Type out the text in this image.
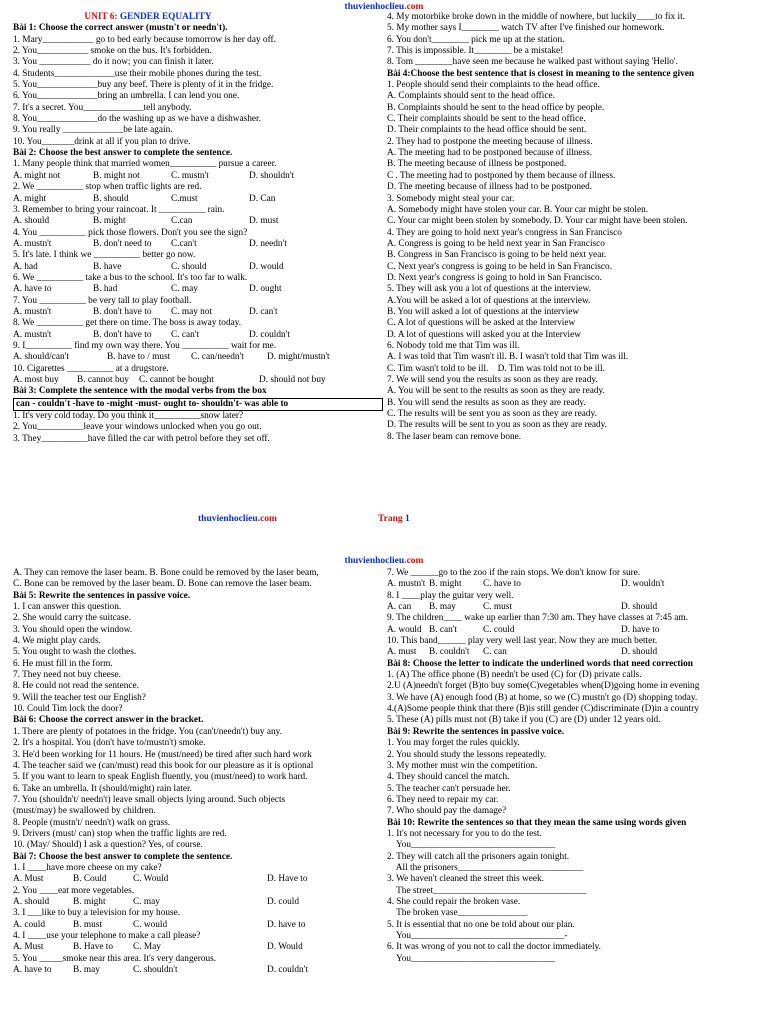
thuvienhoclieu.com
UNIT 6: GENDER EQUALITY
Bài 1: Choose the correct answer (mustn't or needn't).
1. Mary___________ go to bed early because tomorrow is her day off.
2. You___________ smoke on the bus. It's forbidden.
3. You ___________ do it now; you can finish it later.
4. Students_____________use their mobile phones during the test.
5. You_____________buy any beef. There is plenty of it in the fridge.
6. You_____________bring an umbrella. I can lend you one.
7. It's a secret. You_____________tell anybody.
8. You_____________do the washing up as we have a dishwasher.
9. You really _____________be late again.
10. You_______drink at all if you plan to drive.
Bài 2: Choose the best answer to complete the sentence.
1. Many people think that married women__________ pursue a career.
A. might not	B. might not	C. mustn't	D. shouldn't
2. We __________ stop when traffic lights are red.
A. might	B. should	C.must	D. Can
3. Remember to bring your raincoat. It __________ rain.
A. should	B. might	C.can	D. must
4. You __________ pick those flowers. Don't you see the sign?
A. mustn't	B. don't need to	C.can't	D. needn't
5. It's late. I think we __________ better go now.
A. had	B. have	C. should	D. would
6. We __________ take a bus to the school. It's too far to walk.
A. have to	B. had	C. may	D. ought
7. You __________ be very tall to play football.
A. mustn't	B. don't have to	C. may not	D. can't
8. We __________ get there on time. The boss is away today.
A. mustn't	B. don't have to	C. can't	D. couldn't
9. I__________ find my own way there. You __________ wait for me.
A. should/can't	B. have to / must	C. can/needn't	D. might/mustn't
10. Cigarettes __________ at a drugstore.
A. most buy	B. cannot buy	C. cannot be bought	D. should not buy
Bài 3: Complete the sentence with the modal verbs from the box
can - couldn't -have to -might -must- ought to- shouldn't- was able to
1. It's very cold today. Do you think it__________snow later?
2. You__________leave your windows unlocked when you go out.
3. They__________have filled the car with petrol before they set off.
4. My motorbike broke down in the middle of nowhere, but luckily____to fix it.
5. My mother says I________ watch TV after I've finished our homework.
6. You don't________ pick me up at the station.
7. This is impossible. It________ be a mistake!
8. Tom ________have seen me because he walked past without saying 'Hello'.
Bài 4:Choose the best sentence that is closest in meaning to the sentence given
1. People should send their complaints to the head office.
A. Complaints should sent to the head office.
B. Complaints should be sent to the head office by people.
C. Their complaints should be sent to the head office.
D. Their complaints to the head office should be sent.
2. They had to postpone the meeting because of illness.
A. The meeting had to be postponed because of illness.
B. The meeting because of illness be postponed.
C . The meeting had to postponed by them because of illness.
D. The meeting because of illness had to be postponed.
3. Somebody might steal your car.
A. Somebody might have stolen your car. B. Your car might be stolen.
C. Your car might been stolen by somebody. D. Your car might have been stolen.
4. They are going to hold next year's congress in San Francisco
A. Congress is going to be held next year in San Francisco
B. Congress in San Francisco is going to be held next year.
C. Next year's congress is going to be held in San Francisco.
D. Next year's congress is going to hold in San Francisco.
5. They will ask you a lot of questions at the interview.
A.You will be asked a lot of questions at the interview.
B. You will asked a lot of questions at the interview
C. A lot of questions will be asked at the Interview
D. A lot of questions will asked you at the Interview
6. Nobody told me that Tim was ill.
A. I was told that Tim wasn't ill. B. I wasn't told that Tim was ill.
C. Tim wasn't told to be ill.    D. Tim was told not to be ill.
7. We will send you the results as soon as they are ready.
A. You will be sent to the results as soon as they are ready.
B. You will send the results as soon as they are ready.
C. The results will be sent you as soon as they are ready.
D. The results will be sent to you as soon as they are ready.
8. The laser beam can remove bone.
thuvienhoclieu.com	Trang 1
thuvienhoclieu.com
A. They can remove the laser beam. B. Bone could be removed by the laser beam,
C. Bone can be removed by the laser beam. D. Bone can remove the laser beam.
Bài 5: Rewrite the sentences in passive voice.
1. I can answer this question.
2. She would carry the suitcase.
3. You should open the window.
4. We might play cards.
5. You ought to wash the clothes.
6. He must fill in the form.
7. They need not buy cheese.
8. He could not read the sentence.
9. Will the teacher test our English?
10. Could Tim lock the door?
Bài 6: Choose the correct answer in the bracket.
1. There are plenty of potatoes in the fridge. You (can't/needn't) buy any.
2. It's a hospital. You (don't have to/mustn't) smoke.
3. He'd been working for 11 hours. He (must/need) be tired after such hard work
4. The teacher said we (can/must) read this book for our pleasure as it is optional
5. If you want to learn to speak English fluently, you (must/need) to work hard.
6. Take an umbrella. It (should/might) rain later.
7. You (shouldn't/ needn't) leave small objects lying around. Such objects
(must/may) be swallowed by children.
8. People (mustn't/ needn't) walk on grass.
9. Drivers (must/ can) stop when the traffic lights are red.
10. (May/ Should) I ask a question? Yes, of course.
Bài 7: Choose the best answer to complete the sentence.
1. I ____have more cheese on my cake?
A. Must	B. Could	C. Would	D. Have to
2. You ____eat more vegetables.
A. should	B. might	C. may	D. could
3. I ___like to buy a television for my house.
A. could	B. must	C. would	D. have to
4. I ____use your telephone to make a call please?
A. Must	B. Have to	C. May	D. Would
5. You _____smoke near this area. It's very dangerous.
A. have to	B. may	C. shouldn't	D. couldn't
7. We ______go to the zoo if the rain stops. We don't know for sure.
A. mustn't B. might	C. have to	D. wouldn't
8. I ____play the guitar very well.
A. can	B. may	C. must	D. should
9. The children____ wake up earlier than 7:30 am. They have classes at 7:45 am.
A. would B. can't	C. could	D. have to
10. This band______ play very well last year. Now they are much better.
A. must	B. couldn't	C. can	D. should
Bài 8: Choose the letter to indicate the underlined words that need correction
1. (A) The office phone (B) needn't be used (C) for (D) private calls.
2.U (A)needn't forget (B)to buy some(C)vegetables when(D)going home in evening
3. We have (A) enough food (B) at home, so we (C) mustn't go (D) shopping today.
4.(A)Some people think that there (B)is still gender (C)discriminate (D)in a country
5. These (A) pills must not (B) take if you (C) are (D) under 12 years old.
Bài 9: Rewrite the sentences in passive voice.
1. You may forget the rules quickly.
2. You should study the lessons repeatedly.
3. My mother must win the competition.
4. They should cancel the match.
5. The teacher can't persuade her.
6. They need to repair my car.
7. Who should pay the damage?
Bài 10: Rewrite the sentences so that they mean the same using words given
1. It's not necessary for you to do the test.
You_______________________________
2. They will catch all the prisoners again tonight.
All the prisoners___________________________
3. We haven't cleaned the street this week.
The street_________________________________
4. She could repair the broken vase.
The broken vase_______________
5. It is essential that no one be told about our plan.
You_________________________________-
6. It was wrong of you not to call the doctor immediately.
You_______________________________
